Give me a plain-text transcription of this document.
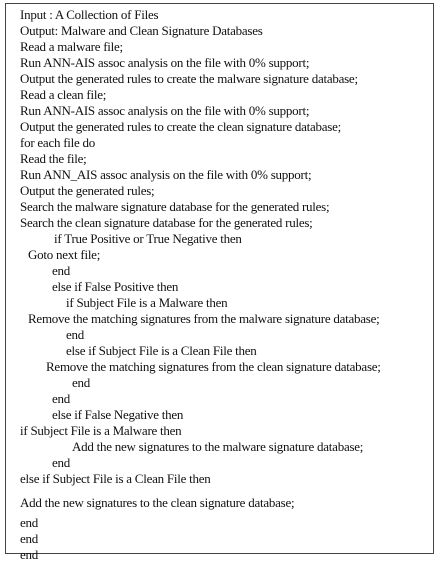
Input : A Collection of Files
Output: Malware and Clean Signature Databases
Read a malware file;
Run ANN-AIS assoc analysis on the file with 0% support;
Output the generated rules to create the malware signature database;
Read a clean file;
Run ANN-AIS assoc analysis on the file with 0% support;
Output the generated rules to create the clean signature database;
for each file do
Read the file;
Run ANN_AIS assoc analysis on the file with 0% support;
Output the generated rules;
Search the malware signature database for the generated rules;
Search the clean signature database for the generated rules;
if True Positive or True Negative then
Goto next file;
end
else if False Positive then
if Subject File is a Malware then
Remove the matching signatures from the malware signature database;
end
else if Subject File is a Clean File then
Remove the matching signatures from the clean signature database;
end
end
else if False Negative then
if Subject File is a Malware then
Add the new signatures to the malware signature database;
end
else if Subject File is a Clean File then
Add the new signatures to the clean signature database;
end
end
end
